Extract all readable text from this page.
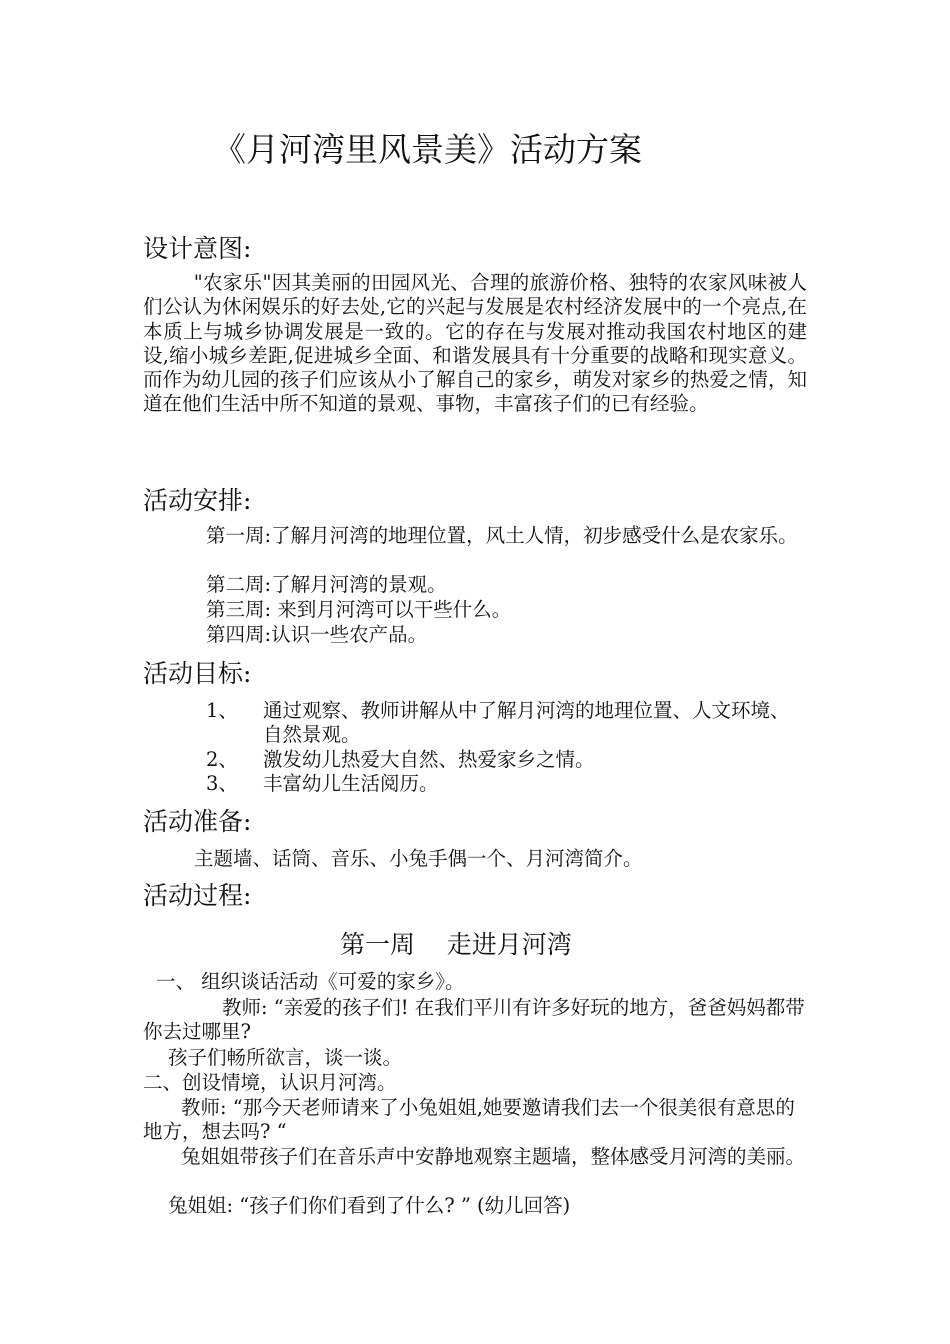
《月河湾里风景美》活动方案
设计意图:
"农家乐"因其美丽的田园风光、合理的旅游价格、独特的农家风味被人们公认为休闲娱乐的好去处,它的兴起与发展是农村经济发展中的一个亮点,在本质上与城乡协调发展是一致的。它的存在与发展对推动我国农村地区的建设,缩小城乡差距,促进城乡全面、和谐发展具有十分重要的战略和现实意义。而作为幼儿园的孩子们应该从小了解自己的家乡，萌发对家乡的热爱之情，知道在他们生活中所不知道的景观、事物，丰富孩子们的已有经验。
活动安排:
第一周:了解月河湾的地理位置，风土人情，初步感受什么是农家乐。
第二周:了解月河湾的景观。
第三周: 来到月河湾可以干些什么。
第四周:认识一些农产品。
活动目标:
1、 通过观察、教师讲解从中了解月河湾的地理位置、人文环境、自然景观。
2、 激发幼儿热爱大自然、热爱家乡之情。
3、 丰富幼儿生活阅历。
活动准备:
主题墙、话筒、音乐、小兔手偶一个、月河湾简介。
活动过程:
第一周    走进月河湾
一、 组织谈话活动《可爱的家乡》。
教师: “亲爱的孩子们! 在我们平川有许多好玩的地方，爸爸妈妈都带你去过哪里?
孩子们畅所欲言，谈一谈。
二、创设情境，认识月河湾。
教师: “那今天老师请来了小兔姐姐,她要邀请我们去一个很美很有意思的地方，想去吗? “
兔姐姐带孩子们在音乐声中安静地观察主题墙，整体感受月河湾的美丽。
兔姐姐: “孩子们你们看到了什么? ” (幼儿回答)
